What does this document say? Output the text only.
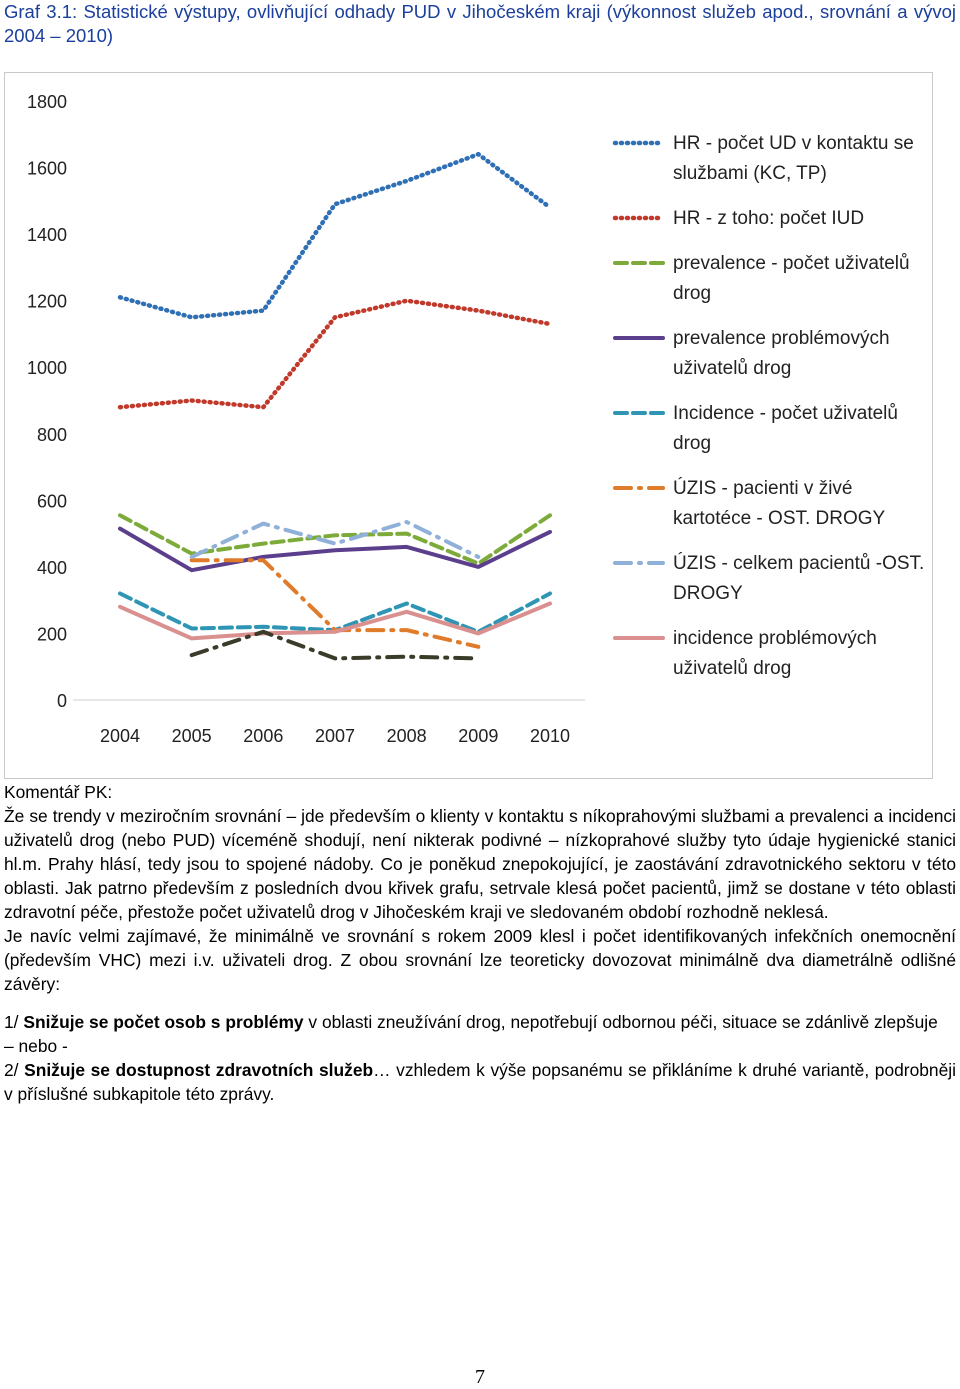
Graf 3.1: Statistické výstupy, ovlivňující odhady PUD v Jihočeském kraji (výkonnost služeb apod., srovnání a vývoj 2004 – 2010)
0
200
400
600
800
1000
1200
1400
1600
1800
2004 2005 2006 2007 2008 2009 2010
HR - počet UD v kontaktu se
službami (KC, TP)
HR - z toho: počet IUD
prevalence - počet uživatelů
drog
prevalence problémových
uživatelů drog
Incidence - počet uživatelů
drog
ÚZIS - pacienti v živé
kartotéce - OST. DROGY
ÚZIS - celkem pacientů -OST.
DROGY
incidence problémových
uživatelů drog

Komentář PK:

Že se trendy v meziročním srovnání – jde především o klienty v kontaktu s níkoprahovými službami a prevalenci a incidenci uživatelů drog (nebo PUD) víceméně shodují, není nikterak podivné – nízkoprahové služby tyto údaje hygienické stanici hl.m. Prahy hlásí, tedy jsou to spojené nádoby. Co je poněkud znepokojující, je zaostávání zdravotnického sektoru v této oblasti. Jak patrno především z posledních dvou křivek grafu, setrvale klesá počet pacientů, jimž se dostane v této oblasti zdravotní péče, přestože počet uživatelů drog v Jihočeském kraji ve sledovaném období rozhodně neklesá.

Je navíc velmi zajímavé, že minimálně ve srovnání s rokem 2009 klesl i počet identifikovaných infekčních onemocnění (především VHC) mezi i.v. uživateli drog. Z obou srovnání lze teoreticky dovozovat minimálně dva diametrálně odlišné závěry:

1/ Snižuje se počet osob s problémy v oblasti zneužívání drog, nepotřebují odbornou péči, situace se zdánlivě zlepšuje

– nebo -

2/ Snižuje se dostupnost zdravotních služeb… vzhledem k výše popsanému se přikláníme k druhé variantě, podrobněji v příslušné subkapitole této zprávy.

7
